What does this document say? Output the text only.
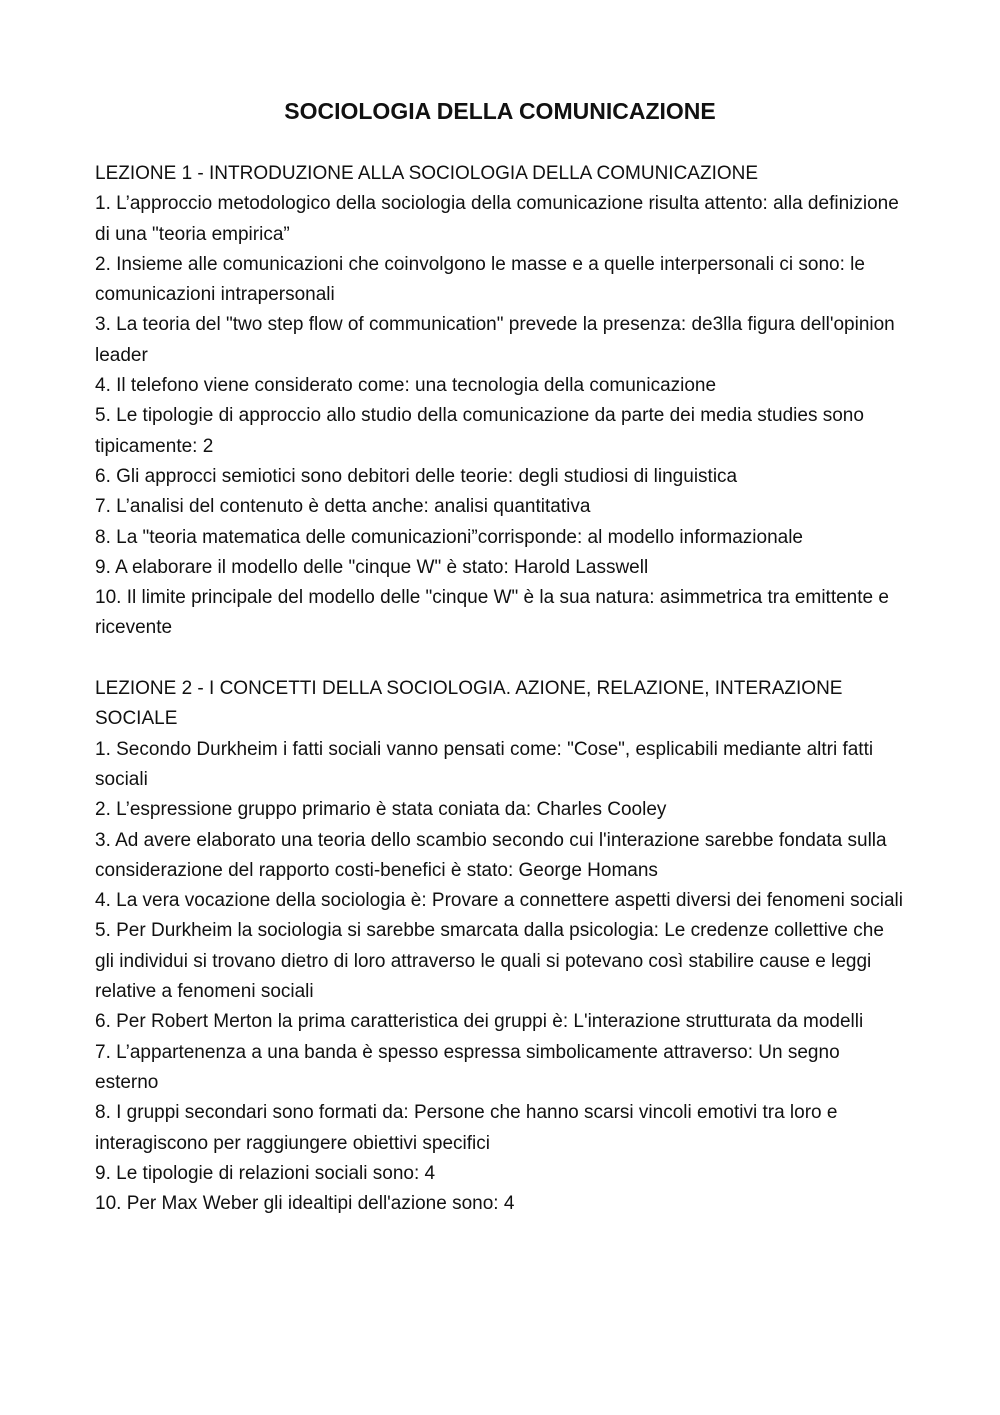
SOCIOLOGIA DELLA COMUNICAZIONE
LEZIONE 1 - INTRODUZIONE ALLA SOCIOLOGIA DELLA COMUNICAZIONE
1. L’approccio metodologico della sociologia della comunicazione risulta attento: alla definizione di una "teoria empirica”
2. Insieme alle comunicazioni che coinvolgono le masse e a quelle interpersonali ci sono: le comunicazioni intrapersonali
3. La teoria del "two step flow of communication" prevede la presenza: de3lla figura dell'opinion leader
4. Il telefono viene considerato come: una tecnologia della comunicazione
5. Le tipologie di approccio allo studio della comunicazione da parte dei media studies sono tipicamente: 2
6. Gli approcci semiotici sono debitori delle teorie: degli studiosi di linguistica
7. L’analisi del contenuto è detta anche: analisi quantitativa
8. La "teoria matematica delle comunicazioni”corrisponde: al modello informazionale
9. A elaborare il modello delle "cinque W" è stato: Harold Lasswell
10. Il limite principale del modello delle "cinque W" è la sua natura: asimmetrica tra emittente e ricevente
LEZIONE 2 - I CONCETTI DELLA SOCIOLOGIA. AZIONE, RELAZIONE, INTERAZIONE SOCIALE
1. Secondo Durkheim i fatti sociali vanno pensati come: "Cose", esplicabili mediante altri fatti sociali
2. L’espressione gruppo primario è stata coniata da: Charles Cooley
3. Ad avere elaborato una teoria dello scambio secondo cui l'interazione sarebbe fondata sulla considerazione del rapporto costi-benefici è stato: George Homans
4. La vera vocazione della sociologia è: Provare a connettere aspetti diversi dei fenomeni sociali
5. Per Durkheim la sociologia si sarebbe smarcata dalla psicologia: Le credenze collettive che gli individui si trovano dietro di loro attraverso le quali si potevano così stabilire cause e leggi relative a fenomeni sociali
6. Per Robert Merton la prima caratteristica dei gruppi è: L'interazione strutturata da modelli
7. L’appartenenza a una banda è spesso espressa simbolicamente attraverso: Un segno esterno
8. I gruppi secondari sono formati da: Persone che hanno scarsi vincoli emotivi tra loro e interagiscono per raggiungere obiettivi specifici
9. Le tipologie di relazioni sociali sono: 4
10. Per Max Weber gli idealtipi dell'azione sono: 4
